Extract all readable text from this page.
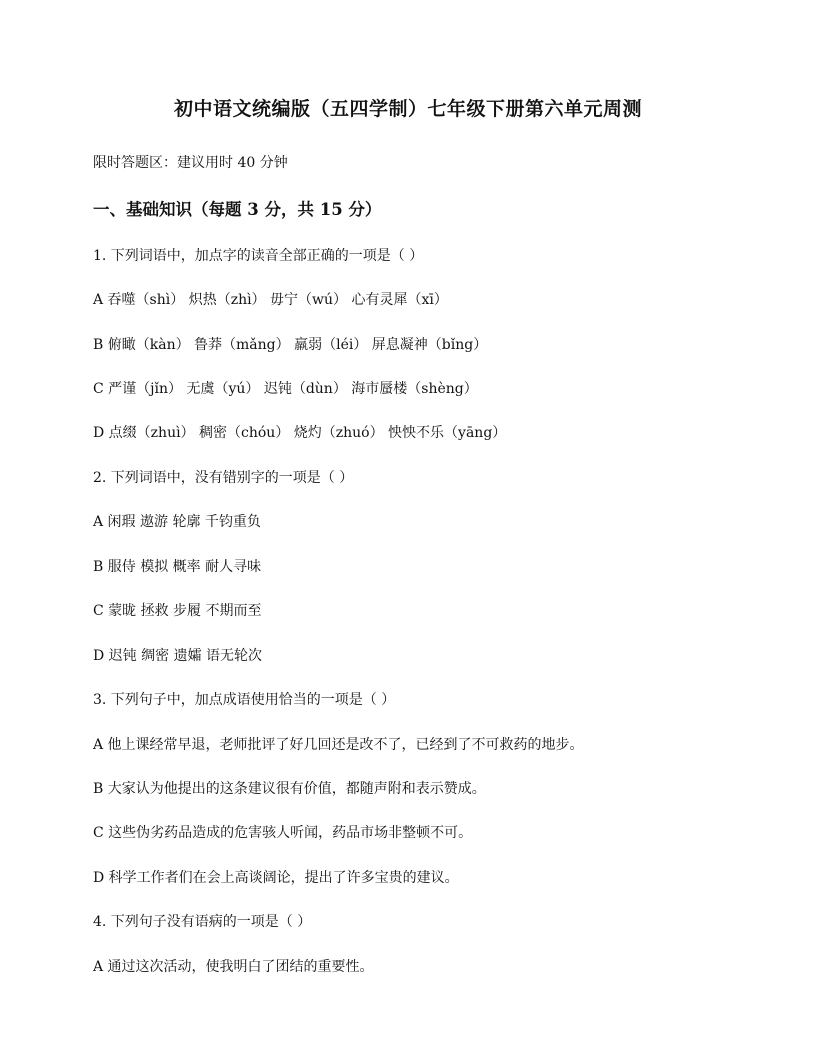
初中语文统编版（五四学制）七年级下册第六单元周测
限时答题区：建议用时 40 分钟
一、基础知识（每题 3 分，共 15 分）
1. 下列词语中，加点字的读音全部正确的一项是（ ）
A 吞噬（shì） 炽热（zhì） 毋宁（wú） 心有灵犀（xī）
B 俯瞰（kàn） 鲁莽（mǎng） 羸弱（léi） 屏息凝神（bǐng）
C 严谨（jǐn） 无虞（yú） 迟钝（dùn） 海市蜃楼（shèng）
D 点缀（zhuì） 稠密（chóu） 烧灼（zhuó） 怏怏不乐（yāng）
2. 下列词语中，没有错别字的一项是（ ）
A 闲瑕 遨游 轮廓 千钧重负
B 服侍 模拟 概率 耐人寻味
C 蒙昽 拯救 步履 不期而至
D 迟钝 绸密 遗孀 语无轮次
3. 下列句子中，加点成语使用恰当的一项是（ ）
A 他上课经常早退，老师批评了好几回还是改不了，已经到了不可救药的地步。
B 大家认为他提出的这条建议很有价值，都随声附和表示赞成。
C 这些伪劣药品造成的危害骇人听闻，药品市场非整顿不可。
D 科学工作者们在会上高谈阔论，提出了许多宝贵的建议。
4. 下列句子没有语病的一项是（ ）
A 通过这次活动，使我明白了团结的重要性。
